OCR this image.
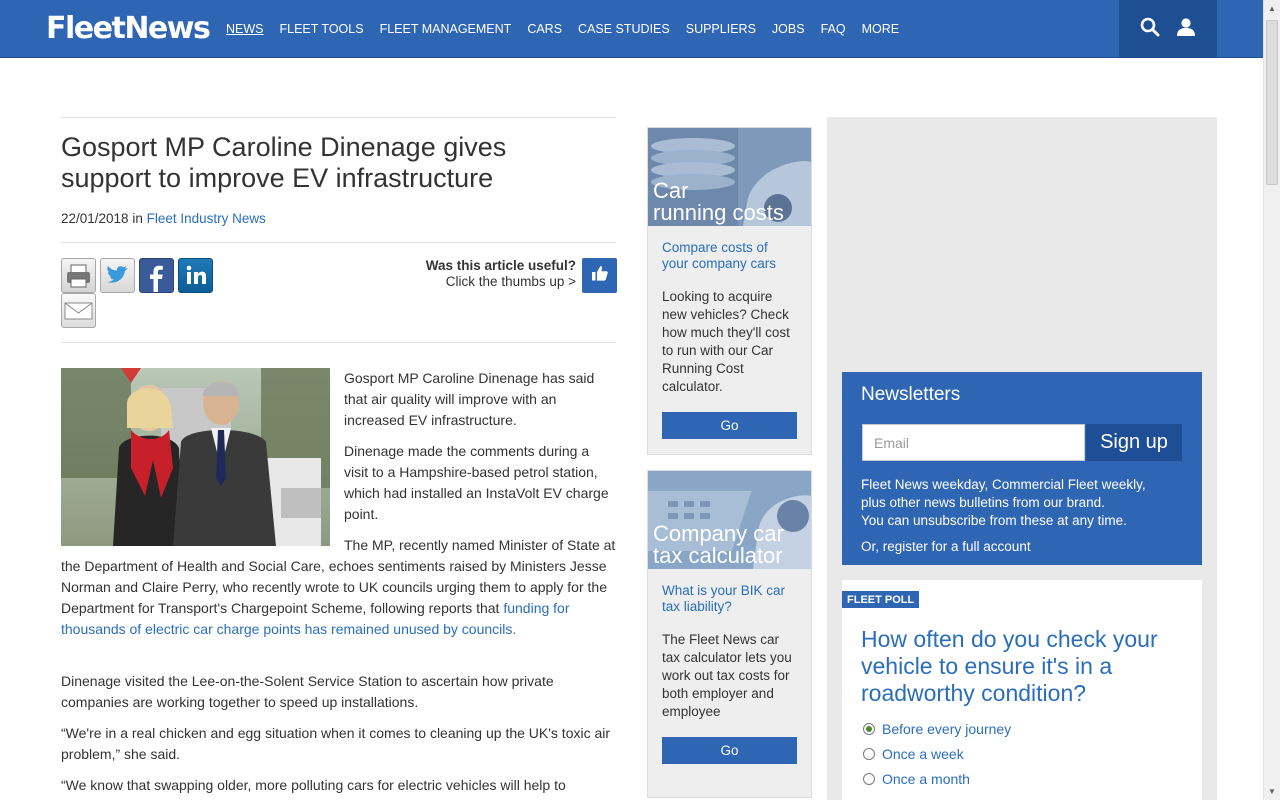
FleetNews NEWS FLEET TOOLS FLEET MANAGEMENT CARS CASE STUDIES SUPPLIERS JOBS FAQ MORE
▲
▼
Gosport MP Caroline Dinenage gives support to improve EV infrastructure
22/01/2018 in Fleet Industry News
Was this article useful?
Click the thumbs up >

Gosport MP Caroline Dinenage has said that air quality will improve with an increased EV infrastructure.

Dinenage made the comments during a visit to a Hampshire-based petrol station, which had installed an InstaVolt EV charge point.

The MP, recently named Minister of State at the Department of Health and Social Care, echoes sentiments raised by Ministers Jesse Norman and Claire Perry, who recently wrote to UK councils urging them to apply for the Department for Transport's Chargepoint Scheme, following reports that funding for thousands of electric car charge points has remained unused by councils.

Dinenage visited the Lee-on-the-Solent Service Station to ascertain how private companies are working together to speed up installations.

“We're in a real chicken and egg situation when it comes to cleaning up the UK's toxic air problem,” she said.

“We know that swapping older, more polluting cars for electric vehicles will help to

Car
running costs
Compare costs of your company cars

Looking to acquire new vehicles? Check how much they'll cost to run with our Car Running Cost calculator.

Go
Company car
tax calculator
What is your BIK car tax liability?

The Fleet News car tax calculator lets you work out tax costs for both employer and employee

Go
Newsletters
Email	Sign up
Fleet News weekday, Commercial Fleet weekly,
plus other news bulletins from our brand.
You can unsubscribe from these at any time.
Or, register for a full account
FLEET POLL
How often do you check your vehicle to ensure it's in a roadworthy condition?
Before every journey
Once a week
Once a month
